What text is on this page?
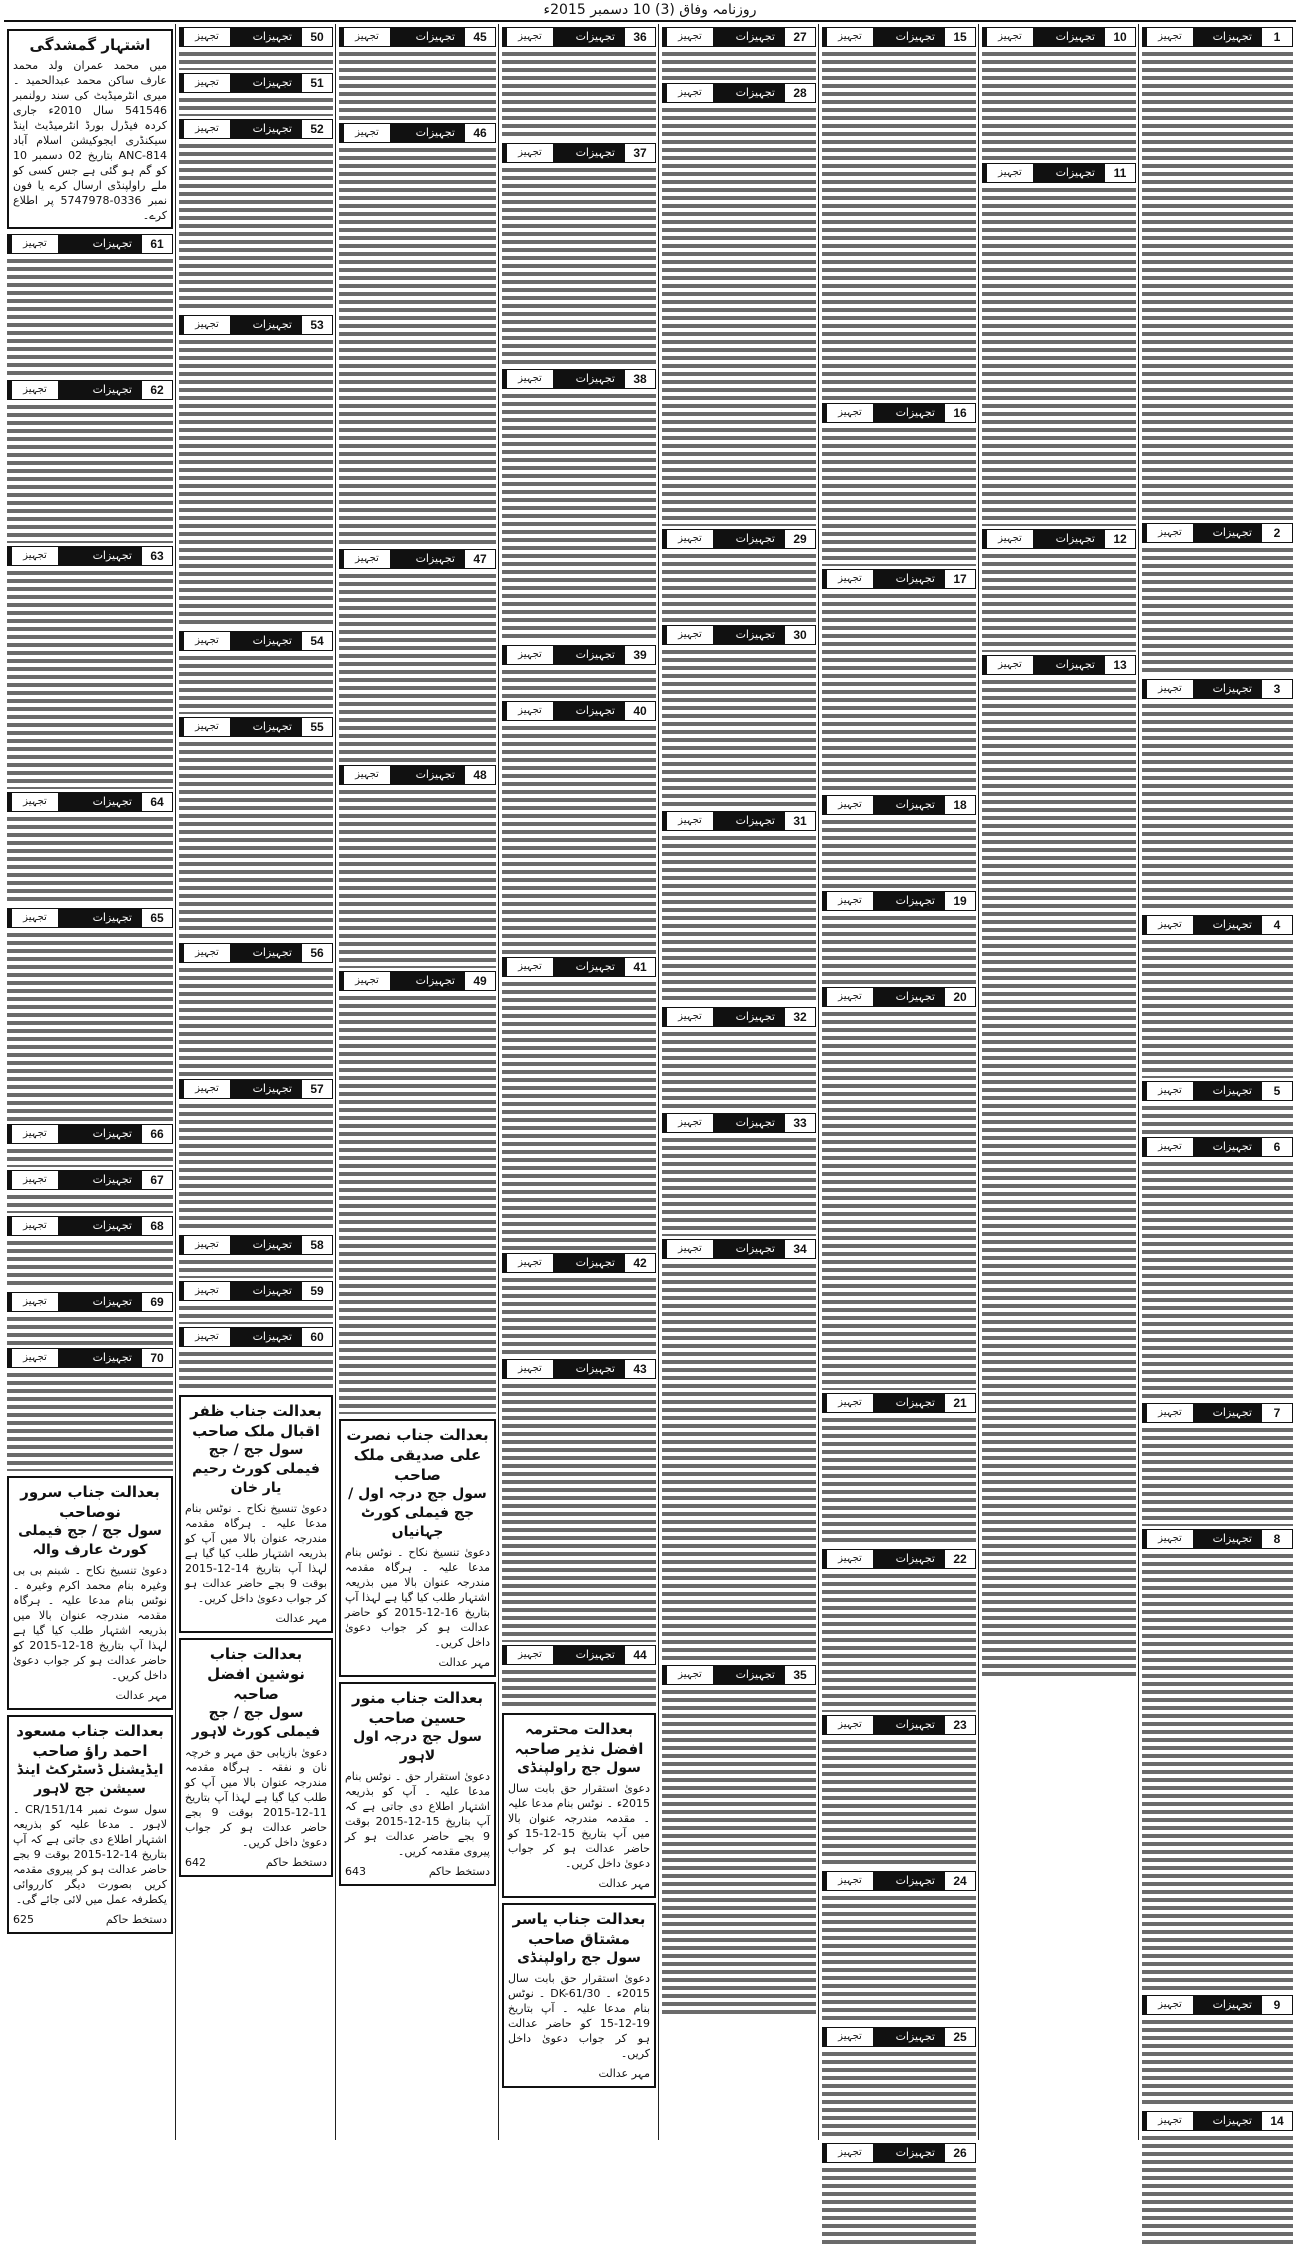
روزنامہ وفاق (3) 10 دسمبر 2015ء
1
تجہیزات
تجہیز
2
تجہیزات
تجہیز
3
تجہیزات
تجہیز
4
تجہیزات
تجہیز
5
تجہیزات
تجہیز
6
تجہیزات
تجہیز
7
تجہیزات
تجہیز
8
تجہیزات
تجہیز
9
تجہیزات
تجہیز
14
تجہیزات
تجہیز
10
تجہیزات
تجہیز
11
تجہیزات
تجہیز
12
تجہیزات
تجہیز
13
تجہیزات
تجہیز
15
تجہیزات
تجہیز
16
تجہیزات
تجہیز
17
تجہیزات
تجہیز
18
تجہیزات
تجہیز
19
تجہیزات
تجہیز
20
تجہیزات
تجہیز
21
تجہیزات
تجہیز
22
تجہیزات
تجہیز
23
تجہیزات
تجہیز
24
تجہیزات
تجہیز
25
تجہیزات
تجہیز
26
تجہیزات
تجہیز
27
تجہیزات
تجہیز
28
تجہیزات
تجہیز
29
تجہیزات
تجہیز
30
تجہیزات
تجہیز
31
تجہیزات
تجہیز
32
تجہیزات
تجہیز
33
تجہیزات
تجہیز
34
تجہیزات
تجہیز
35
تجہیزات
تجہیز
36
تجہیزات
تجہیز
37
تجہیزات
تجہیز
38
تجہیزات
تجہیز
39
تجہیزات
تجہیز
40
تجہیزات
تجہیز
41
تجہیزات
تجہیز
42
تجہیزات
تجہیز
43
تجہیزات
تجہیز
44
تجہیزات
تجہیز
بعدالت محترمہ افضل نذیر صاحبہ
سول جج راولپنڈی
دعویٰ استقرار حق بابت سال 2015ء ۔ نوٹس بنام مدعا علیہ ۔ مقدمہ مندرجہ عنوان بالا میں آپ بتاریخ 15-12-15 کو حاضر عدالت ہو کر جواب دعویٰ داخل کریں۔
مہر عدالت
بعدالت جناب یاسر مشتاق صاحب
سول جج راولپنڈی
دعویٰ استقرار حق بابت سال 2015ء ۔ DK-61/30 ۔ نوٹس بنام مدعا علیہ ۔ آپ بتاریخ 19-12-15 کو حاضر عدالت ہو کر جواب دعویٰ داخل کریں۔
مہر عدالت
45
تجہیزات
تجہیز
46
تجہیزات
تجہیز
47
تجہیزات
تجہیز
48
تجہیزات
تجہیز
49
تجہیزات
تجہیز
بعدالت جناب نصرت علی صدیقی ملک صاحب
سول جج درجہ اول / جج فیملی کورٹ جہانیاں
دعویٰ تنسیخ نکاح ۔ نوٹس بنام مدعا علیہ ۔ ہرگاہ مقدمہ مندرجہ عنوان بالا میں بذریعہ اشتہار طلب کیا گیا ہے لہذا آپ بتاریخ 16-12-2015 کو حاضر عدالت ہو کر جواب دعویٰ داخل کریں۔
مہر عدالت
بعدالت جناب منور حسین صاحب
سول جج درجہ اول لاہور
دعویٰ استقرار حق ۔ نوٹس بنام مدعا علیہ ۔ آپ کو بذریعہ اشتہار اطلاع دی جاتی ہے کہ آپ بتاریخ 15-12-2015 بوقت 9 بجے حاضر عدالت ہو کر پیروی مقدمہ کریں۔
دستخط حاکم
643
50
تجہیزات
تجہیز
51
تجہیزات
تجہیز
52
تجہیزات
تجہیز
53
تجہیزات
تجہیز
54
تجہیزات
تجہیز
55
تجہیزات
تجہیز
56
تجہیزات
تجہیز
57
تجہیزات
تجہیز
58
تجہیزات
تجہیز
59
تجہیزات
تجہیز
60
تجہیزات
تجہیز
بعدالت جناب ظفر اقبال ملک صاحب
سول جج / جج فیملی کورٹ رحیم یار خان
دعویٰ تنسیخ نکاح ۔ نوٹس بنام مدعا علیہ ۔ ہرگاہ مقدمہ مندرجہ عنوان بالا میں آپ کو بذریعہ اشتہار طلب کیا گیا ہے لہذا آپ بتاریخ 14-12-2015 بوقت 9 بجے حاضر عدالت ہو کر جواب دعویٰ داخل کریں۔
مہر عدالت
بعدالت جناب نوشین افضل صاحبہ
سول جج / جج فیملی کورٹ لاہور
دعویٰ بازیابی حق مہر و خرچہ نان و نفقہ ۔ ہرگاہ مقدمہ مندرجہ عنوان بالا میں آپ کو طلب کیا گیا ہے لہذا آپ بتاریخ 11-12-2015 بوقت 9 بجے حاضر عدالت ہو کر جواب دعویٰ داخل کریں۔
دستخط حاکم
642
اشتہار گمشدگی
میں محمد عمران ولد محمد عارف ساکن محمد عبدالحمید ۔ میری انٹرمیڈیٹ کی سند رولنمبر 541546 سال 2010ء جاری کردہ فیڈرل بورڈ انٹرمیڈیٹ اینڈ سیکنڈری ایجوکیشن اسلام آباد ANC-814 بتاریخ 02 دسمبر 10 کو گم ہو گئی ہے جس کسی کو ملے راولپنڈی ارسال کرے یا فون نمبر 0336-5747978 پر اطلاع کرے۔
61
تجہیزات
تجہیز
62
تجہیزات
تجہیز
63
تجہیزات
تجہیز
64
تجہیزات
تجہیز
65
تجہیزات
تجہیز
66
تجہیزات
تجہیز
67
تجہیزات
تجہیز
68
تجہیزات
تجہیز
69
تجہیزات
تجہیز
70
تجہیزات
تجہیز
بعدالت جناب سرور نوصاحب
سول جج / جج فیملی کورٹ عارف والہ
دعویٰ تنسیخ نکاح ۔ شبنم بی بی وغیرہ بنام محمد اکرم وغیرہ ۔ نوٹس بنام مدعا علیہ ۔ ہرگاہ مقدمہ مندرجہ عنوان بالا میں بذریعہ اشتہار طلب کیا گیا ہے لہذا آپ بتاریخ 18-12-2015 کو حاضر عدالت ہو کر جواب دعویٰ داخل کریں۔
مہر عدالت
بعدالت جناب مسعود احمد راؤ صاحب
ایڈیشنل ڈسٹرکٹ اینڈ سیشن جج لاہور
سول سوٹ نمبر CR/151/14 ۔ لاہور ۔ مدعا علیہ کو بذریعہ اشتہار اطلاع دی جاتی ہے کہ آپ بتاریخ 14-12-2015 بوقت 9 بجے حاضر عدالت ہو کر پیروی مقدمہ کریں بصورت دیگر کارروائی یکطرفہ عمل میں لائی جائے گی۔
دستخط حاکم
625
